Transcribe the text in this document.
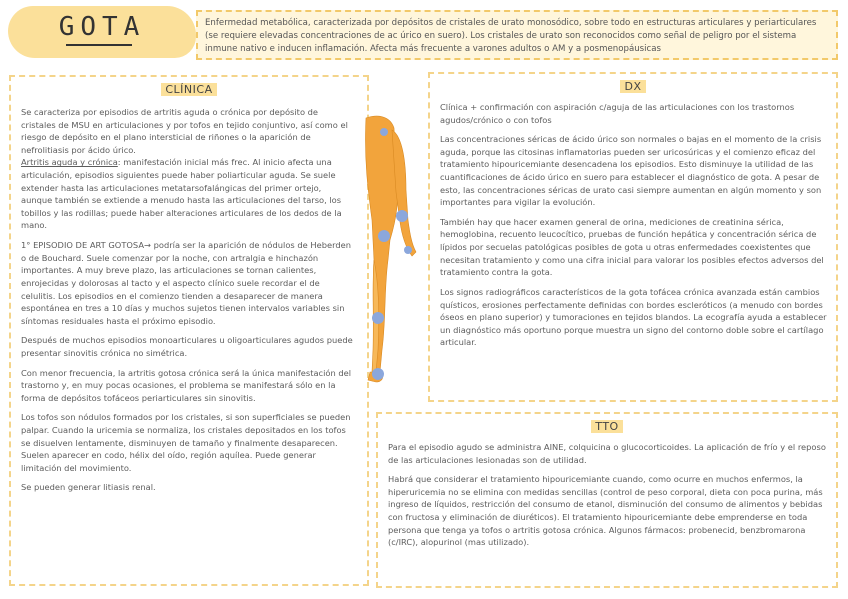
GOTA	Enfermedad metabólica, caracterizada por depósitos de cristales de urato monosódico, sobre todo en estructuras articulares y periarticulares (se requiere elevadas concentraciones de ac úrico en suero). Los cristales de urato son reconocidos como señal de peligro por el sistema inmune nativo e inducen inflamación. Afecta más frecuente a varones adultos o AM y a posmenopáusicas
CLÍNICA

Se caracteriza por episodios de artritis aguda o crónica por depósito de cristales de MSU en articulaciones y por tofos en tejido conjuntivo, así como el riesgo de depósito en el plano intersticial de riñones o la aparición de nefrolitiasis por ácido úrico.

Artritis aguda y crónica: manifestación inicial más frec. Al inicio afecta una articulación, episodios siguientes puede haber poliarticular aguda. Se suele extender hasta las articulaciones metatarsofalángicas del primer ortejo, aunque también se extiende a menudo hasta las articulaciones del tarso, los tobillos y las rodillas; puede haber alteraciones articulares de los dedos de la mano.

1° EPISODIO DE ART GOTOSA→ podría ser la aparición de nódulos de Heberden o de Bouchard. Suele comenzar por la noche, con artralgia e hinchazón importantes. A muy breve plazo, las articulaciones se tornan calientes, enrojecidas y dolorosas al tacto y el aspecto clínico suele recordar el de celulitis. Los episodios en el comienzo tienden a desaparecer de manera espontánea en tres a 10 días y muchos sujetos tienen intervalos variables sin síntomas residuales hasta el próximo episodio.

Después de muchos episodios monoarticulares u oligoarticulares agudos puede presentar sinovitis crónica no simétrica.

Con menor frecuencia, la artritis gotosa crónica será la única manifestación del trastorno y, en muy pocas ocasiones, el problema se manifestará sólo en la forma de depósitos tofáceos periarticulares sin sinovitis.

Los tofos son nódulos formados por los cristales, si son superficiales se pueden palpar. Cuando la uricemia se normaliza, los cristales depositados en los tofos se disuelven lentamente, disminuyen de tamaño y finalmente desaparecen. Suelen aparecer en codo, hélix del oído, región aquílea. Puede generar limitación del movimiento.

Se pueden generar litiasis renal.

DX

Clínica + confirmación con aspiración c/aguja de las articulaciones con los trastornos agudos/crónico o con tofos

Las concentraciones séricas de ácido úrico son normales o bajas en el momento de la crisis aguda, porque las citosinas inflamatorias pueden ser uricosúricas y el comienzo eficaz del tratamiento hipouricemiante desencadena los episodios. Esto disminuye la utilidad de las cuantificaciones de ácido úrico en suero para establecer el diagnóstico de gota. A pesar de esto, las concentraciones séricas de urato casi siempre aumentan en algún momento y son importantes para vigilar la evolución.

También hay que hacer examen general de orina, mediciones de creatinina sérica, hemoglobina, recuento leucocítico, pruebas de función hepática y concentración sérica de lípidos por secuelas patológicas posibles de gota u otras enfermedades coexistentes que necesitan tratamiento y como una cifra inicial para valorar los posibles efectos adversos del tratamiento contra la gota.

Los signos radiográficos característicos de la gota tofácea crónica avanzada están cambios quísticos, erosiones perfectamente definidas con bordes escleróticos (a menudo con bordes óseos en plano superior) y tumoraciones en tejidos blandos. La ecografía ayuda a establecer un diagnóstico más oportuno porque muestra un signo del contorno doble sobre el cartílago articular.

TTO

Para el episodio agudo se administra AINE, colquicina o glucocorticoides. La aplicación de frío y el reposo de las articulaciones lesionadas son de utilidad.

Habrá que considerar el tratamiento hipouricemiante cuando, como ocurre en muchos enfermos, la hiperuricemia no se elimina con medidas sencillas (control de peso corporal, dieta con poca purina, más ingreso de líquidos, restricción del consumo de etanol, disminución del consumo de alimentos y bebidas con fructosa y eliminación de diuréticos). El tratamiento hipouricemiante debe emprenderse en toda persona que tenga ya tofos o artritis gotosa crónica. Algunos fármacos: probenecid, benzbromarona (c/IRC), alopurinol (mas utilizado).
